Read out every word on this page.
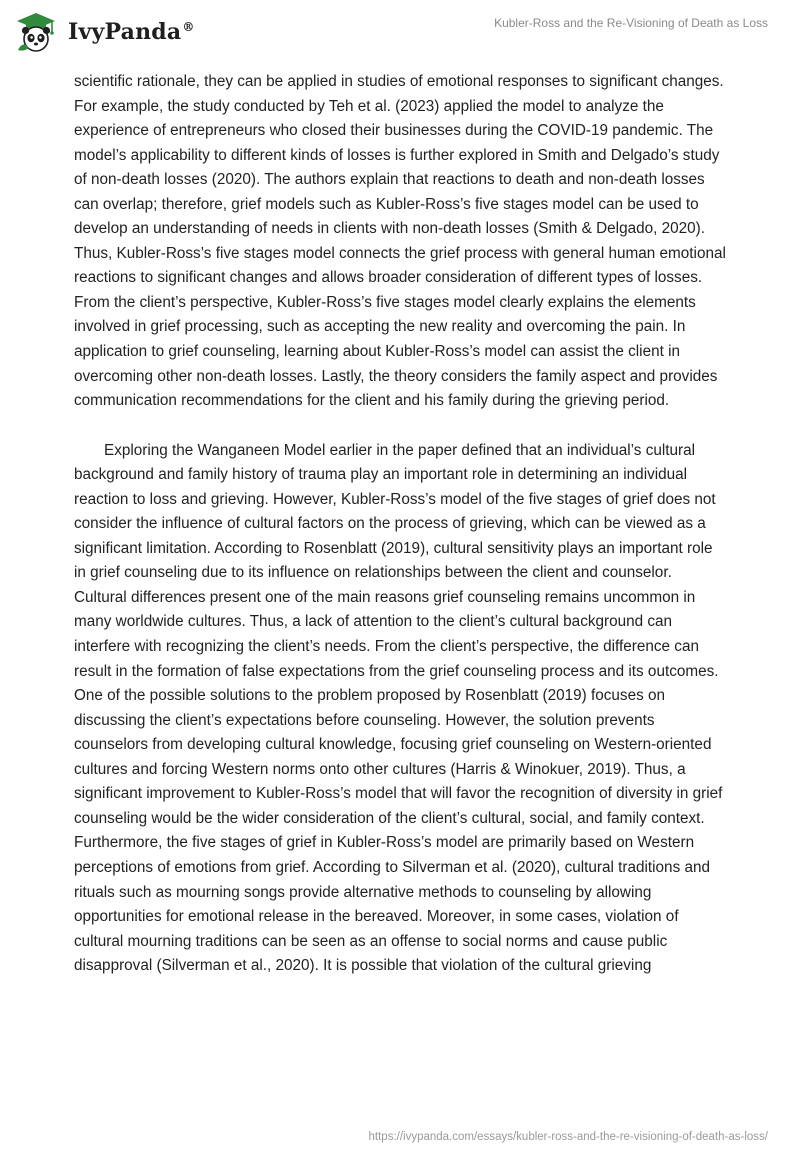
IvyPanda®	Kubler-Ross and the Re-Visioning of Death as Loss

scientific rationale, they can be applied in studies of emotional responses to significant changes. For example, the study conducted by Teh et al. (2023) applied the model to analyze the experience of entrepreneurs who closed their businesses during the COVID-19 pandemic. The model’s applicability to different kinds of losses is further explored in Smith and Delgado’s study of non-death losses (2020). The authors explain that reactions to death and non-death losses can overlap; therefore, grief models such as Kubler-Ross’s five stages model can be used to develop an understanding of needs in clients with non-death losses (Smith & Delgado, 2020). Thus, Kubler-Ross’s five stages model connects the grief process with general human emotional reactions to significant changes and allows broader consideration of different types of losses. From the client’s perspective, Kubler-Ross’s five stages model clearly explains the elements involved in grief processing, such as accepting the new reality and overcoming the pain. In application to grief counseling, learning about Kubler-Ross’s model can assist the client in overcoming other non-death losses. Lastly, the theory considers the family aspect and provides communication recommendations for the client and his family during the grieving period.

Exploring the Wanganeen Model earlier in the paper defined that an individual’s cultural background and family history of trauma play an important role in determining an individual reaction to loss and grieving. However, Kubler-Ross’s model of the five stages of grief does not consider the influence of cultural factors on the process of grieving, which can be viewed as a significant limitation. According to Rosenblatt (2019), cultural sensitivity plays an important role in grief counseling due to its influence on relationships between the client and counselor. Cultural differences present one of the main reasons grief counseling remains uncommon in many worldwide cultures. Thus, a lack of attention to the client’s cultural background can interfere with recognizing the client’s needs. From the client’s perspective, the difference can result in the formation of false expectations from the grief counseling process and its outcomes. One of the possible solutions to the problem proposed by Rosenblatt (2019) focuses on discussing the client’s expectations before counseling. However, the solution prevents counselors from developing cultural knowledge, focusing grief counseling on Western-oriented cultures and forcing Western norms onto other cultures (Harris & Winokuer, 2019). Thus, a significant improvement to Kubler-Ross’s model that will favor the recognition of diversity in grief counseling would be the wider consideration of the client’s cultural, social, and family context. Furthermore, the five stages of grief in Kubler-Ross’s model are primarily based on Western perceptions of emotions from grief. According to Silverman et al. (2020), cultural traditions and rituals such as mourning songs provide alternative methods to counseling by allowing opportunities for emotional release in the bereaved. Moreover, in some cases, violation of cultural mourning traditions can be seen as an offense to social norms and cause public disapproval (Silverman et al., 2020). It is possible that violation of the cultural grieving

https://ivypanda.com/essays/kubler-ross-and-the-re-visioning-of-death-as-loss/
